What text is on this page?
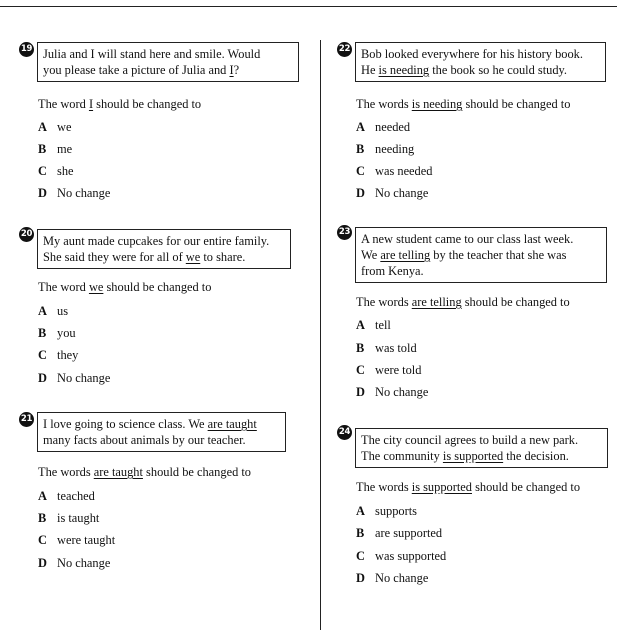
19 Julia and I will stand here and smile. Would
you please take a picture of Julia and I?
The word I should be changed to
A we
B me
C she
D No change
20 My aunt made cupcakes for our entire family.
She said they were for all of we to share.
The word we should be changed to
A us
B you
C they
D No change
21 I love going to science class. We are taught
many facts about animals by our teacher.
The words are taught should be changed to
A teached
B is taught
C were taught
D No change
22 Bob looked everywhere for his history book.
He is needing the book so he could study.
The words is needing should be changed to
A needed
B needing
C was needed
D No change
23 A new student came to our class last week.
We are telling by the teacher that she was
from Kenya.
The words are telling should be changed to
A tell
B was told
C were told
D No change
24
The city council agrees to build a new park.
The community is supported the decision.
The words is supported should be changed to
A supports
B are supported
C was supported
D No change
